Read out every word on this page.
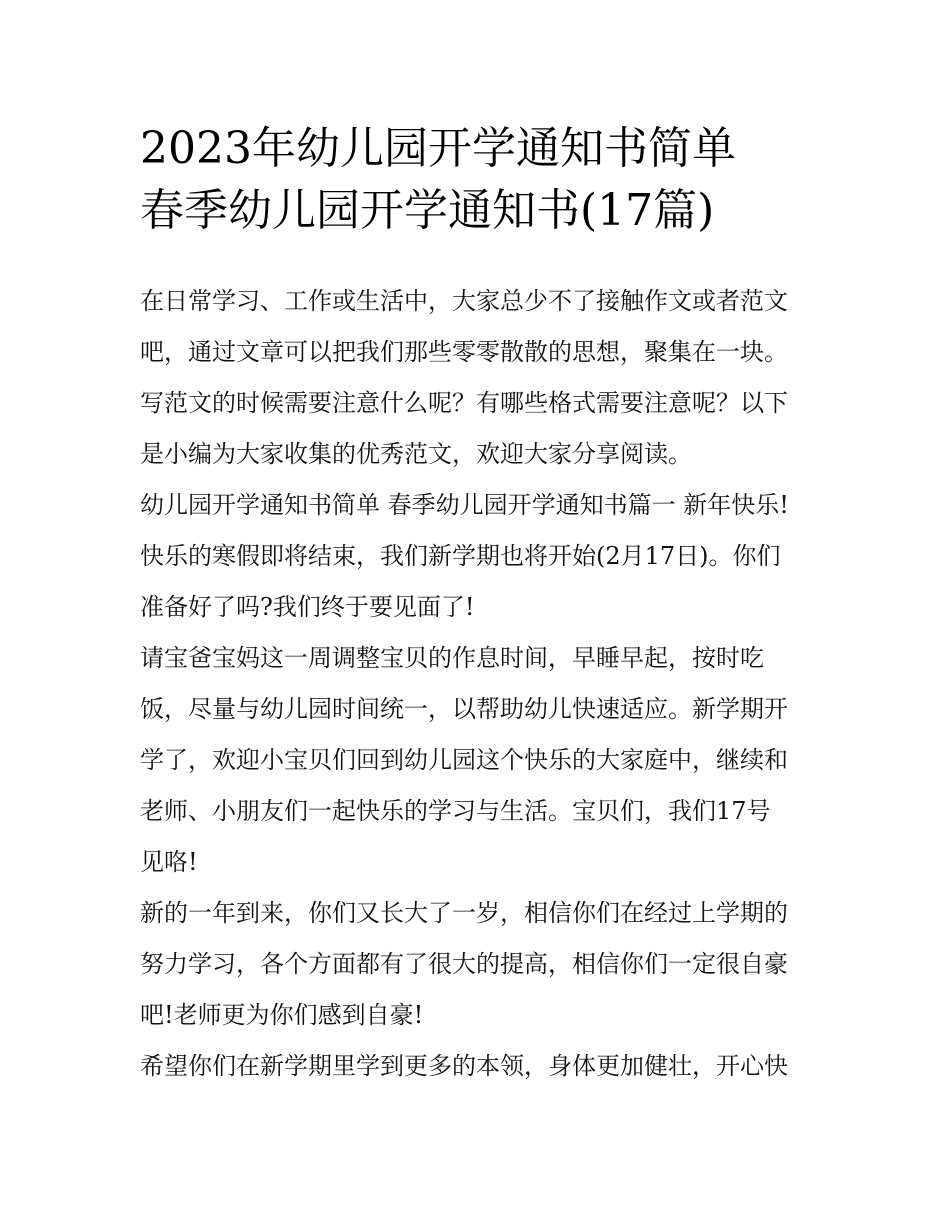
2023年幼儿园开学通知书简单
春季幼儿园开学通知书(17篇)
在日常学习、工作或生活中，大家总少不了接触作文或者范文
吧，通过文章可以把我们那些零零散散的思想，聚集在一块。
写范文的时候需要注意什么呢？有哪些格式需要注意呢？以下
是小编为大家收集的优秀范文，欢迎大家分享阅读。
幼儿园开学通知书简单 春季幼儿园开学通知书篇一 新年快乐!
快乐的寒假即将结束，我们新学期也将开始(2月17日)。你们
准备好了吗?我们终于要见面了!
请宝爸宝妈这一周调整宝贝的作息时间，早睡早起，按时吃
饭，尽量与幼儿园时间统一，以帮助幼儿快速适应。新学期开
学了，欢迎小宝贝们回到幼儿园这个快乐的大家庭中，继续和
老师、小朋友们一起快乐的学习与生活。宝贝们，我们17号
见咯!
新的一年到来，你们又长大了一岁，相信你们在经过上学期的
努力学习，各个方面都有了很大的提高，相信你们一定很自豪
吧!老师更为你们感到自豪!
希望你们在新学期里学到更多的本领，身体更加健壮，开心快
